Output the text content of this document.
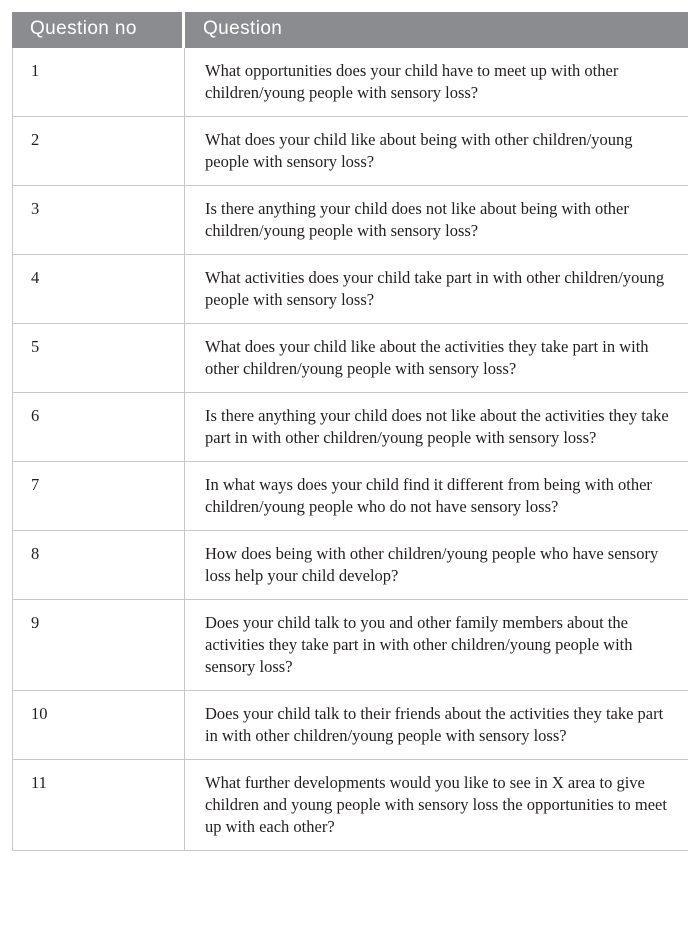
Question no	Question
1	What opportunities does your child have to meet up with other children/young people with sensory loss?
2	What does your child like about being with other children/young people with sensory loss?
3	Is there anything your child does not like about being with other children/young people with sensory loss?
4	What activities does your child take part in with other children/young people with sensory loss?
5	What does your child like about the activities they take part in with other children/young people with sensory loss?
6	Is there anything your child does not like about the activities they take part in with other children/young people with sensory loss?
7	In what ways does your child find it different from being with other children/young people who do not have sensory loss?
8	How does being with other children/young people who have sensory loss help your child develop?
9	Does your child talk to you and other family members about the activities they take part in with other children/young people with sensory loss?
10	Does your child talk to their friends about the activities they take part in with other children/young people with sensory loss?
11	What further developments would you like to see in X area to give children and young people with sensory loss the opportunities to meet up with each other?
